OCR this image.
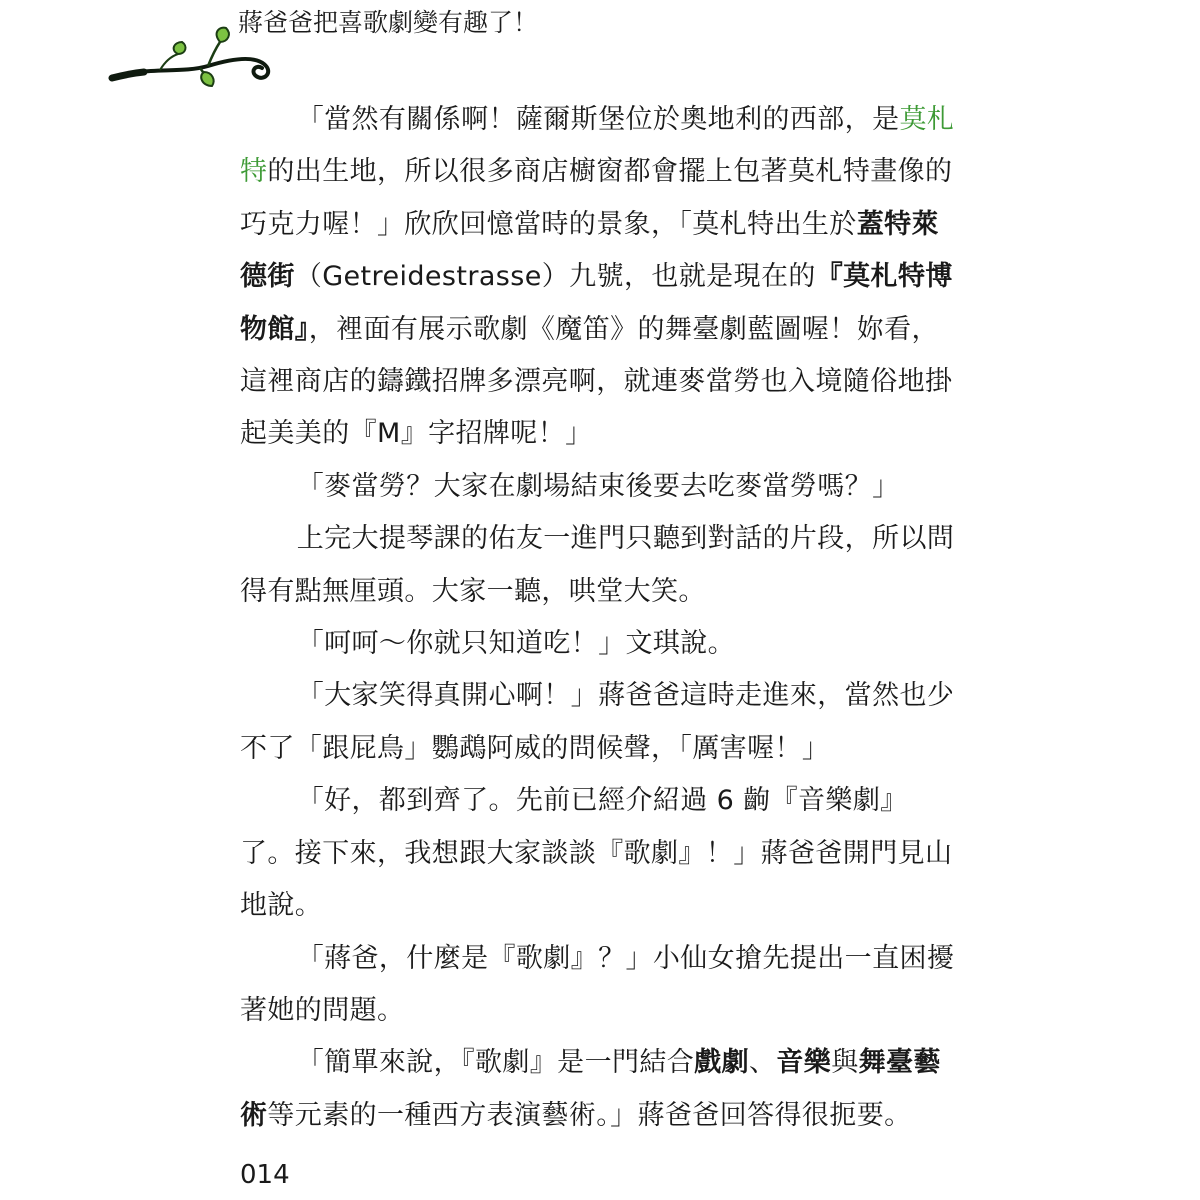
蔣爸爸把喜歌劇變有趣了！

「當然有關係啊！薩爾斯堡位於奧地利的西部，是莫札特的出生地，所以很多商店櫥窗都會擺上包著莫札特畫像的巧克力喔！」欣欣回憶當時的景象，「莫札特出生於蓋特萊德街（Getreidestrasse）九號，也就是現在的『莫札特博物館』，裡面有展示歌劇《魔笛》的舞臺劇藍圖喔！妳看，這裡商店的鑄鐵招牌多漂亮啊，就連麥當勞也入境隨俗地掛起美美的『M』字招牌呢！」

「麥當勞？大家在劇場結束後要去吃麥當勞嗎？」

上完大提琴課的佑友一進門只聽到對話的片段，所以問得有點無厘頭。大家一聽，哄堂大笑。

「呵呵～你就只知道吃！」文琪說。

「大家笑得真開心啊！」蔣爸爸這時走進來，當然也少不了「跟屁鳥」鸚鵡阿威的問候聲，「厲害喔！」

「好，都到齊了。先前已經介紹過 6 齣『音樂劇』了。接下來，我想跟大家談談『歌劇』！」蔣爸爸開門見山地說。

「蔣爸，什麼是『歌劇』？」小仙女搶先提出一直困擾著她的問題。

「簡單來說，『歌劇』是一門結合戲劇、音樂與舞臺藝術等元素的一種西方表演藝術。」蔣爸爸回答得很扼要。

014
